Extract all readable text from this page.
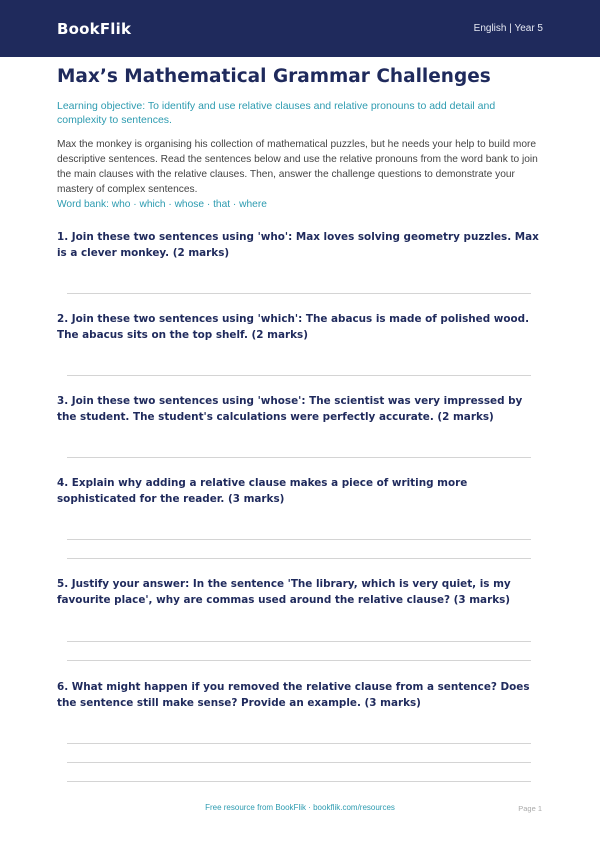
BookFlik	English | Year 5
Max’s Mathematical Grammar Challenges

Learning objective: To identify and use relative clauses and relative pronouns to add detail and complexity to sentences.

Max the monkey is organising his collection of mathematical puzzles, but he needs your help to build more descriptive sentences. Read the sentences below and use the relative pronouns from the word bank to join the main clauses with the relative clauses. Then, answer the challenge questions to demonstrate your mastery of complex sentences.

Word bank: who · which · whose · that · where

1. Join these two sentences using 'who': Max loves solving geometry puzzles. Max is a clever monkey. (2 marks)
2. Join these two sentences using 'which': The abacus is made of polished wood. The abacus sits on the top shelf. (2 marks)
3. Join these two sentences using 'whose': The scientist was very impressed by the student. The student's calculations were perfectly accurate. (2 marks)
4. Explain why adding a relative clause makes a piece of writing more sophisticated for the reader. (3 marks)
5. Justify your answer: In the sentence 'The library, which is very quiet, is my favourite place', why are commas used around the relative clause? (3 marks)
6. What might happen if you removed the relative clause from a sentence? Does the sentence still make sense? Provide an example. (3 marks)
Free resource from BookFlik · bookflik.com/resources	Page 1
